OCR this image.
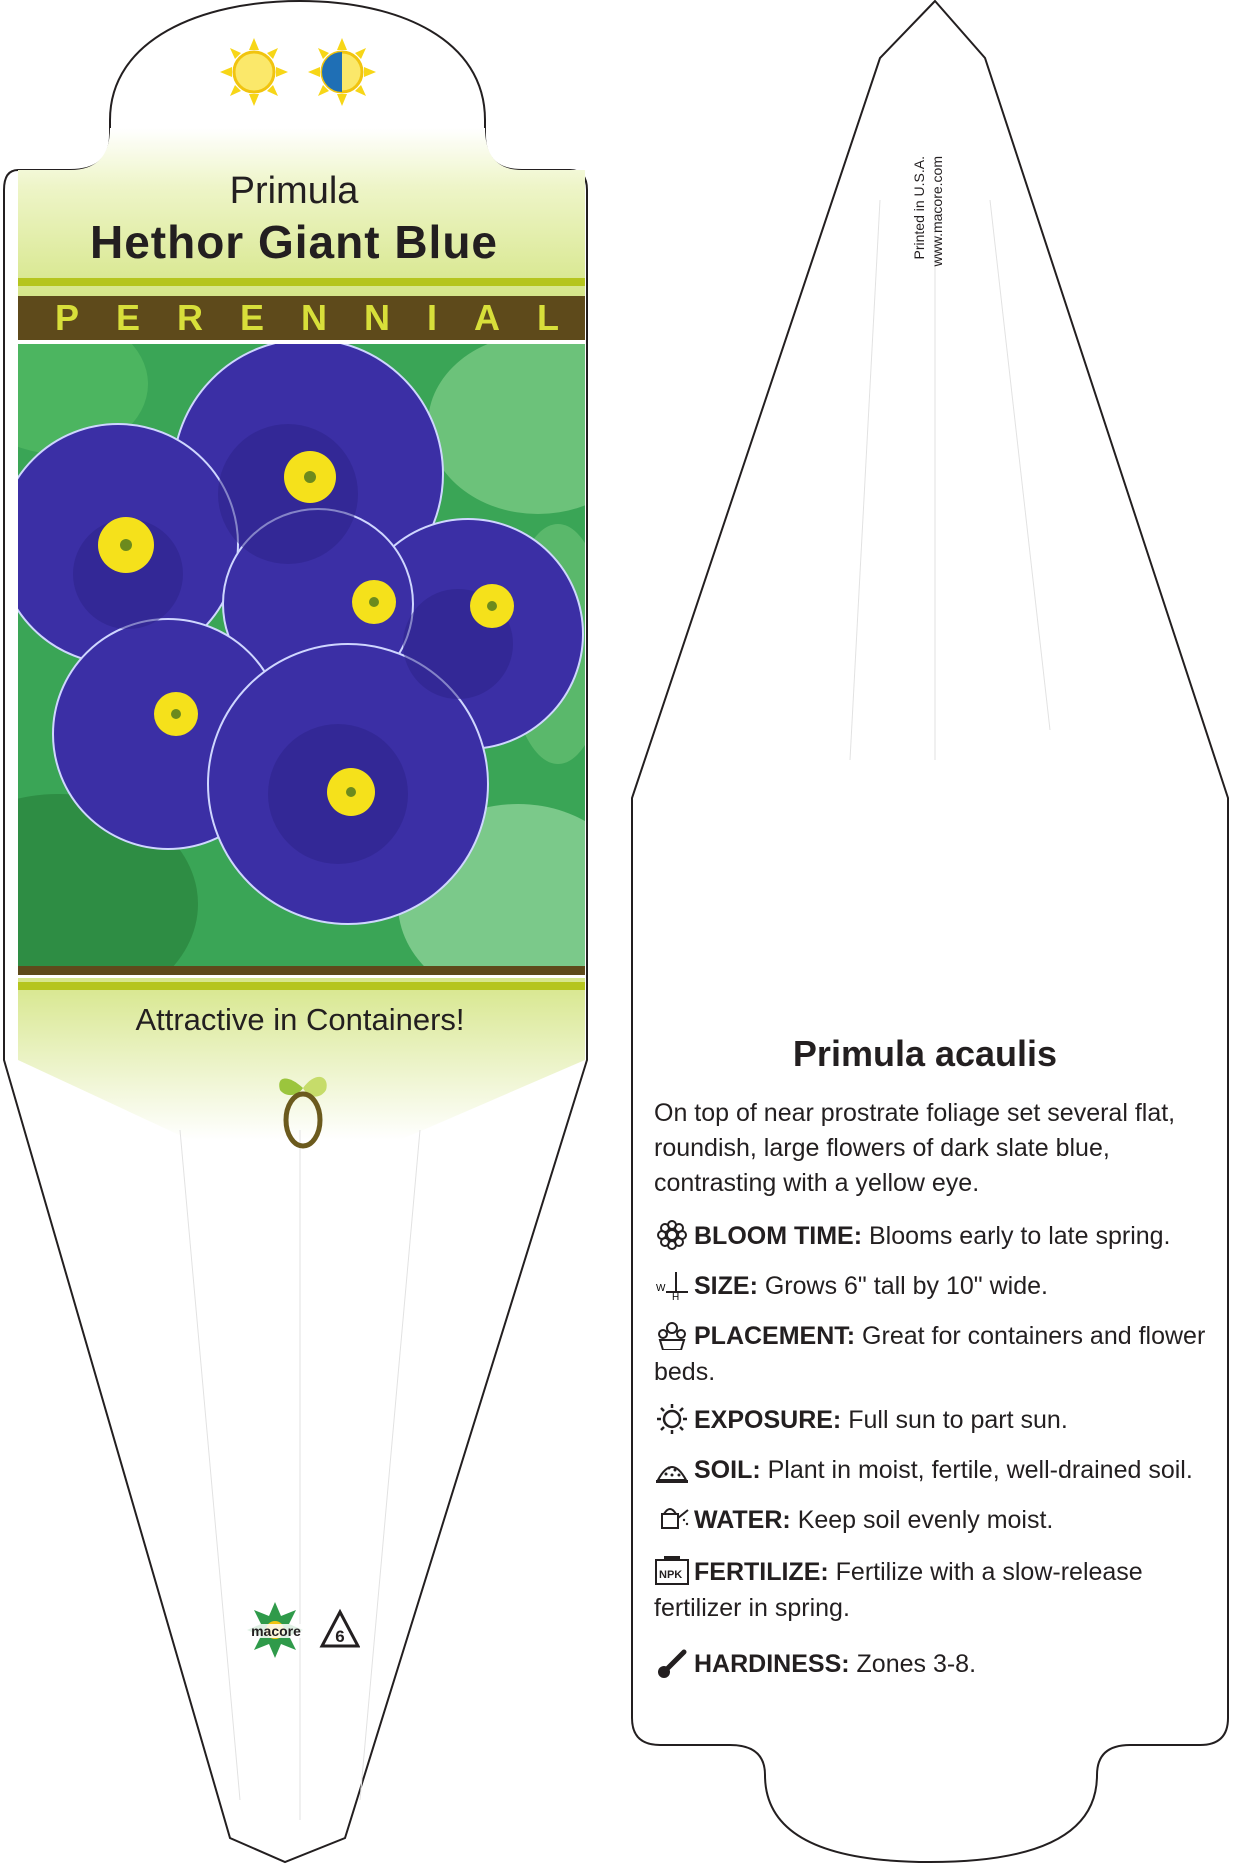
Primula
Hethor Giant Blue
PERENNIAL
Attractive in Containers!
macore	6
Printed in U.S.A. www.macore.com
Primula acaulis
On top of near prostrate foliage set several flat, roundish, large flowers of dark slate blue, contrasting with a yellow eye.
BLOOM TIME: Blooms early to late spring.
W
H SIZE: Grows 6" tall by 10" wide.
PLACEMENT: Great for containers and flower beds.
EXPOSURE: Full sun to part sun.
SOIL: Plant in moist, fertile, well-drained soil.
WATER: Keep soil evenly moist.
NPK FERTILIZE: Fertilize with a slow-release fertilizer in spring.
HARDINESS: Zones 3-8.
